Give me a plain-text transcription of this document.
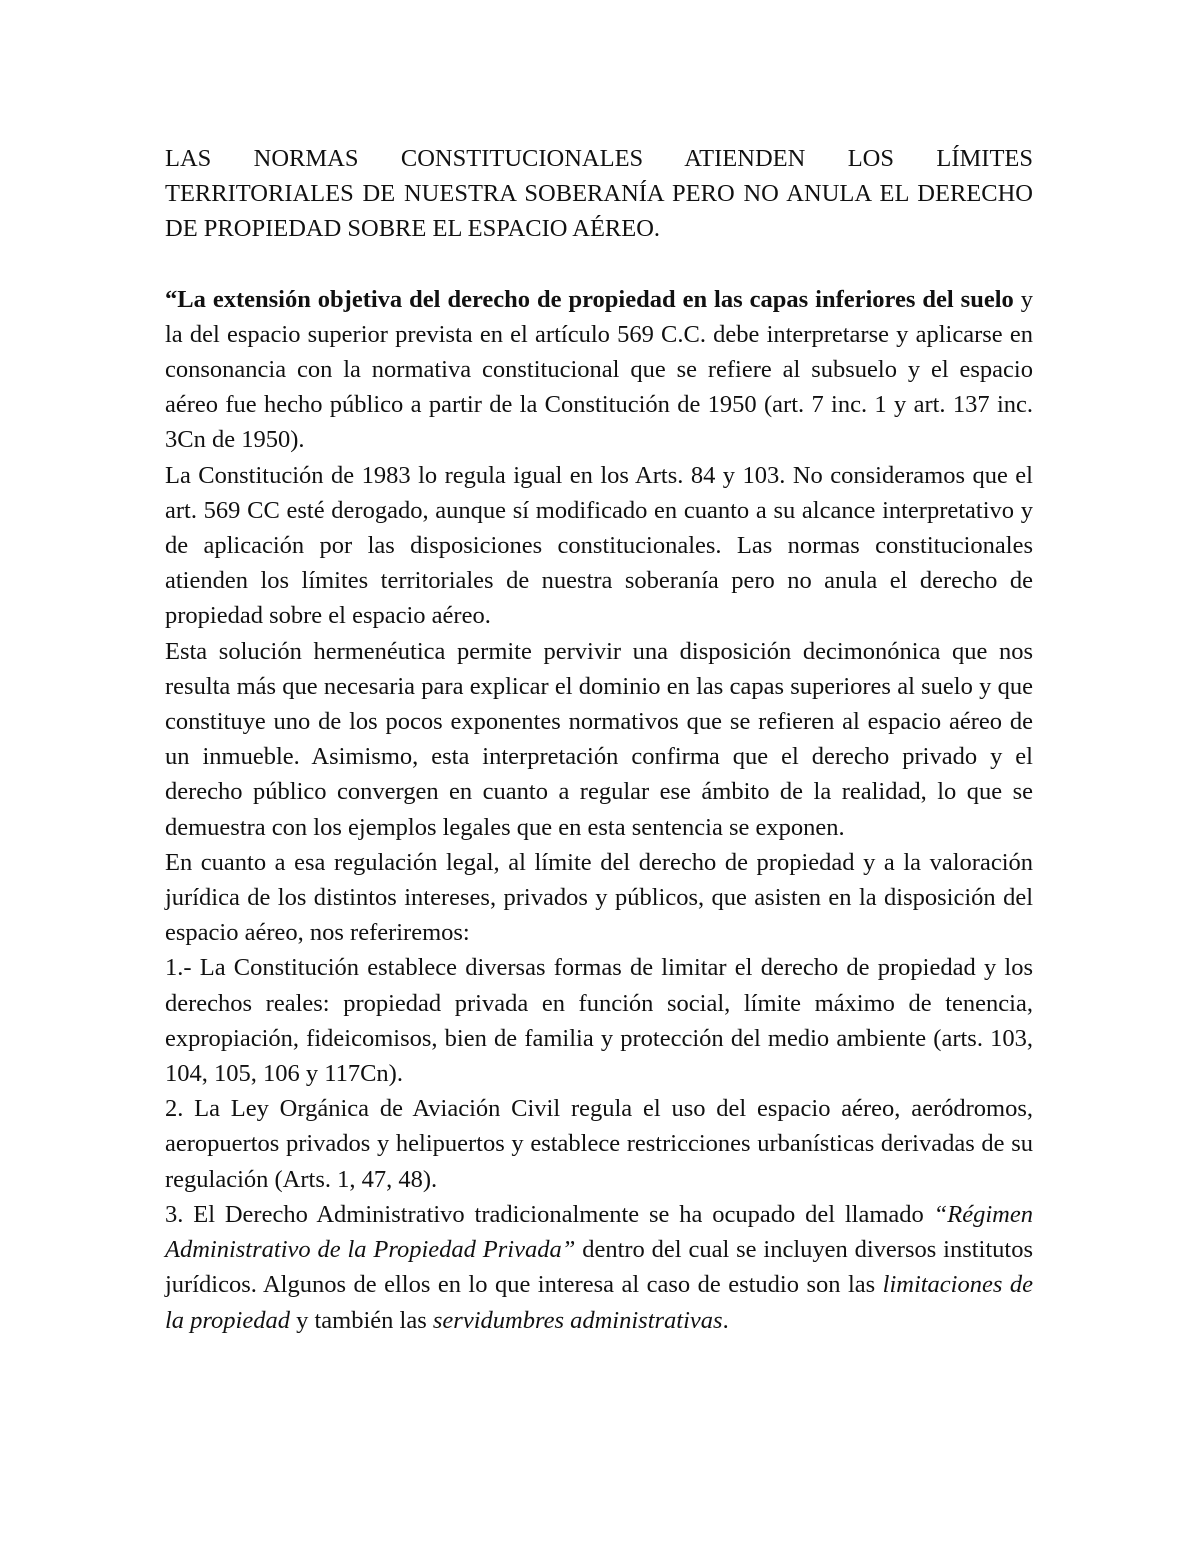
LAS NORMAS CONSTITUCIONALES ATIENDEN LOS LÍMITES TERRITORIALES DE NUESTRA SOBERANÍA PERO NO ANULA EL DERECHO DE PROPIEDAD SOBRE EL ESPACIO AÉREO.

“La extensión objetiva del derecho de propiedad en las capas inferiores del suelo y la del espacio superior prevista en el artículo 569 C.C. debe interpretarse y aplicarse en consonancia con la normativa constitucional que se refiere al subsuelo y el espacio aéreo fue hecho público a partir de la Constitución de 1950 (art. 7 inc. 1 y art. 137 inc. 3Cn de 1950).

La Constitución de 1983 lo regula igual en los Arts. 84 y 103. No consideramos que el art. 569 CC esté derogado, aunque sí modificado en cuanto a su alcance interpretativo y de aplicación por las disposiciones constitucionales. Las normas constitucionales atienden los límites territoriales de nuestra soberanía pero no anula el derecho de propiedad sobre el espacio aéreo.

Esta solución hermenéutica permite pervivir una disposición decimonónica que nos resulta más que necesaria para explicar el dominio en las capas superiores al suelo y que constituye uno de los pocos exponentes normativos que se refieren al espacio aéreo de un inmueble. Asimismo, esta interpretación confirma que el derecho privado y el derecho público convergen en cuanto a regular ese ámbito de la realidad, lo que se demuestra con los ejemplos legales que en esta sentencia se exponen.

En cuanto a esa regulación legal, al límite del derecho de propiedad y a la valoración jurídica de los distintos intereses, privados y públicos, que asisten en la disposición del espacio aéreo, nos referiremos:

1.- La Constitución establece diversas formas de limitar el derecho de propiedad y los derechos reales: propiedad privada en función social, límite máximo de tenencia, expropiación, fideicomisos, bien de familia y protección del medio ambiente (arts. 103, 104, 105, 106 y 117Cn).

2. La Ley Orgánica de Aviación Civil regula el uso del espacio aéreo, aeródromos, aeropuertos privados y helipuertos y establece restricciones urbanísticas derivadas de su regulación (Arts. 1, 47, 48).

3. El Derecho Administrativo tradicionalmente se ha ocupado del llamado “Régimen Administrativo de la Propiedad Privada” dentro del cual se incluyen diversos institutos jurídicos. Algunos de ellos en lo que interesa al caso de estudio son las limitaciones de la propiedad y también las servidumbres administrativas.
